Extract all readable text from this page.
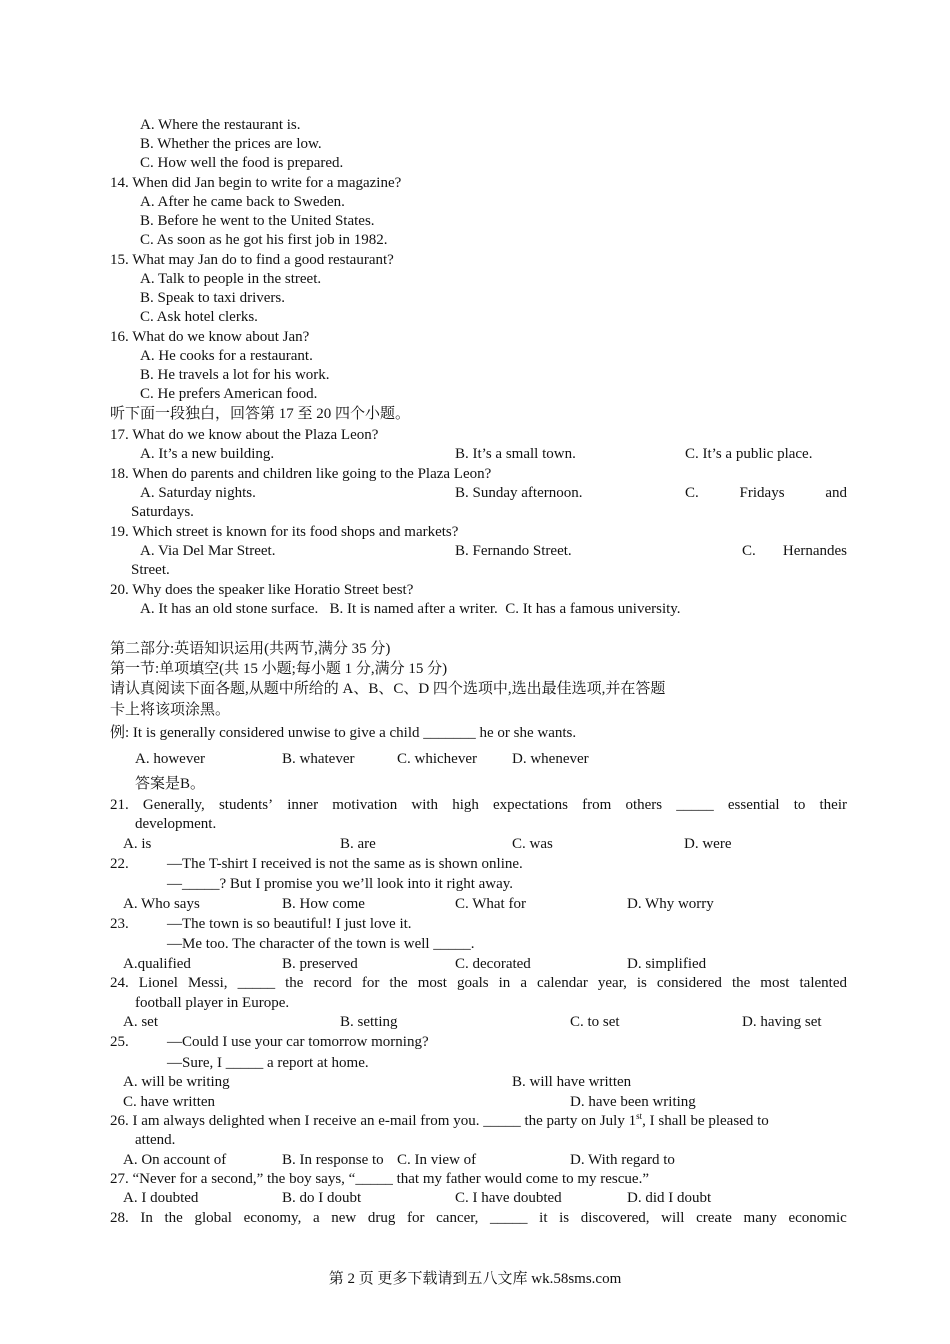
A. Where the restaurant is.
B. Whether the prices are low.
C. How well the food is prepared.
14. When did Jan begin to write for a magazine?
A. After he came back to Sweden.
B. Before he went to the United States.
C. As soon as he got his first job in 1982.
15. What may Jan do to find a good restaurant?
A. Talk to people in the street.
B. Speak to taxi drivers.
C. Ask hotel clerks.
16. What do we know about Jan?
A. He cooks for a restaurant.
B. He travels a lot for his work.
C. He prefers American food.
听下面一段独白，回答第 17 至 20 四个小题。
17. What do we know about the Plaza Leon?
A. It’s a new building.	B. It’s a small town.	C. It’s a public place.
18. When do parents and children like going to the Plaza Leon?
A. Saturday nights.	B. Sunday afternoon.	C.	Fridays	and
Saturdays.
19. Which street is known for its food shops and markets?
A. Via Del Mar Street.	B. Fernando Street.	C. Hernandes
Street.
20. Why does the speaker like Horatio Street best?
A. It has an old stone surface.   B. It is named after a writer.  C. It has a famous university.
第二部分:英语知识运用(共两节,满分 35 分)
第一节:单项填空(共 15 小题;每小题 1 分,满分 15 分)
请认真阅读下面各题,从题中所给的 A、B、C、D 四个选项中,选出最佳选项,并在答题
卡上将该项涂黑。
例: It is generally considered unwise to give a child _______ he or she wants.
A. however	B. whatever	C. whichever D. whenever
答案是B。
21. Generally, students’ inner motivation with high expectations from others _____ essential to their
development.
A. is	B. are	C. was	D. were
22.	—The T-shirt I received is not the same as is shown online.
—_____? But I promise you we’ll look into it right away.
A. Who says	B. How come	C. What for	D. Why worry
23.	—The town is so beautiful! I just love it.
—Me too. The character of the town is well _____.
A.qualified	B. preserved	C. decorated	D. simplified
24. Lionel Messi, _____ the record for the most goals in a calendar year, is considered the most talented
football player in Europe.
A. set	B. setting	C. to set	D. having set
25.	—Could I use your car tomorrow morning?
—Sure, I _____ a report at home.
A. will be writing	B. will have written
C. have written	D. have been writing
26. I am always delighted when I receive an e-mail from you. _____ the party on July 1st, I shall be pleased to
attend.
A. On account of	B. In response to C. In view of	D. With regard to
27. “Never for a second,” the boy says, “_____ that my father would come to my rescue.”
A. I doubted	B. do I doubt	C. I have doubted	D. did I doubt
28. In the global economy, a new drug for cancer, _____ it is discovered, will create many economic
第 2 页 更多下载请到五八文库 wk.58sms.com
